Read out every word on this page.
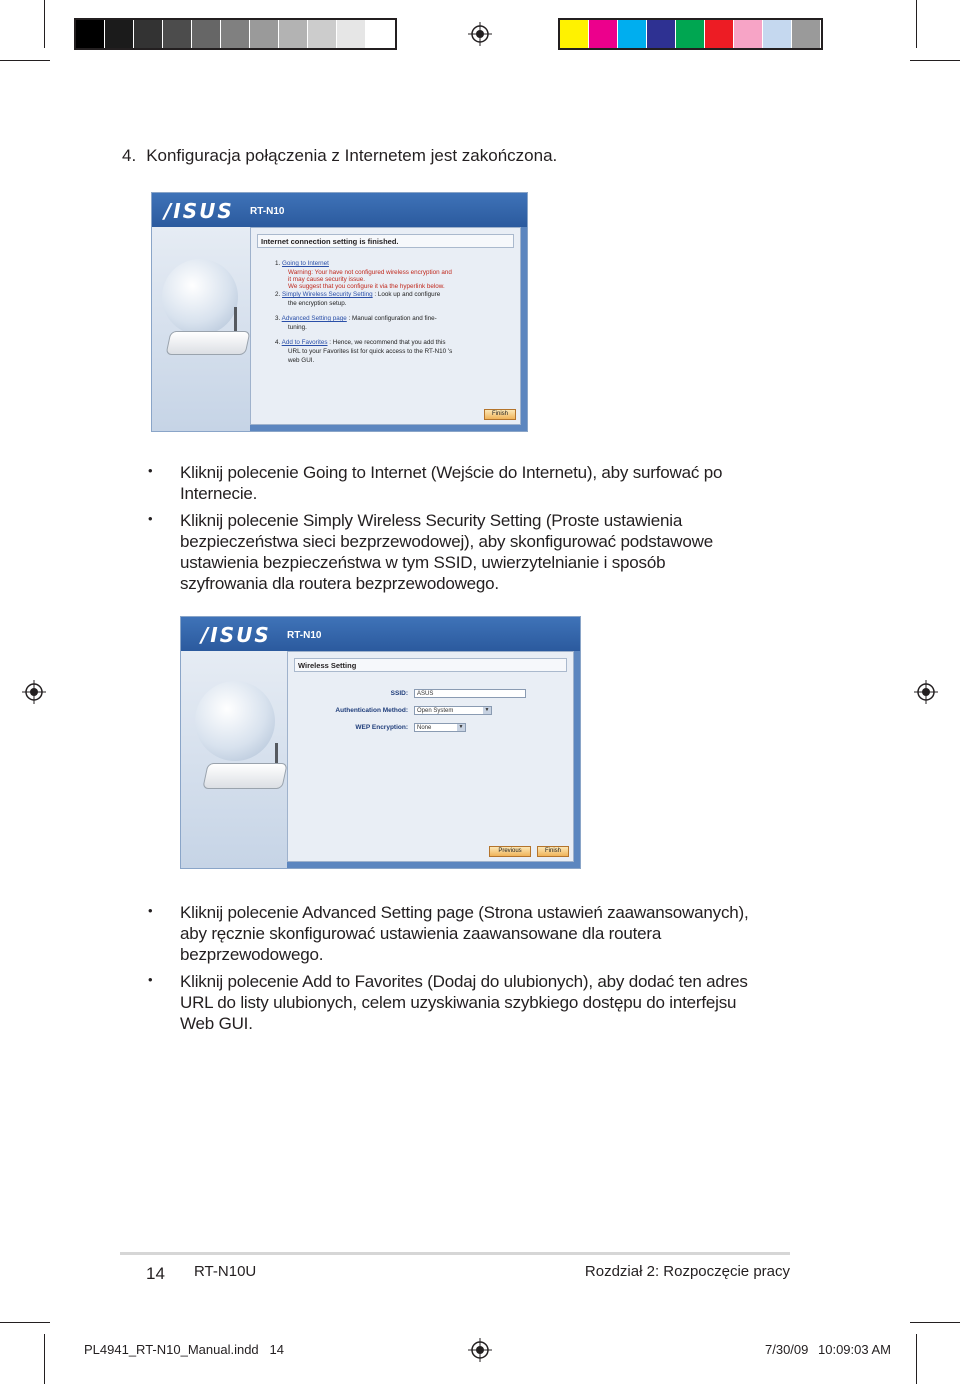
4. Konfiguracja połączenia z Internetem jest zakończona.
/ISUS RT-N10
Internet connection setting is finished.
1. Going to Internet
Warning: Your have not configured wireless encryption and
it may cause security issue.
We suggest that you configure it via the hyperlink below.
2. Simply Wireless Security Setting : Look up and configure
the encryption setup.
3. Advanced Setting page : Manual configuration and fine-
tuning.
4. Add to Favorites : Hence, we recommend that you add this
URL to your Favorites list for quick access to the RT-N10 's
web GUI.
Finish
• Kliknij polecenie Going to Internet (Wejście do Internetu), aby surfować po Internecie.
• Kliknij polecenie Simply Wireless Security Setting (Proste ustawienia bezpieczeństwa sieci bezprzewodowej), aby skonfigurować podstawowe ustawienia bezpieczeństwa w tym SSID, uwierzytelnianie i sposób szyfrowania dla routera bezprzewodowego.
/ISUS RT-N10
Wireless Setting
SSID:	ASUS
Authentication Method:	Open System	▼
WEP Encryption:	None	▼
Previous	Finish
• Kliknij polecenie Advanced Setting page (Strona ustawień zaawansowanych), aby ręcznie skonfigurować ustawienia zaawansowane dla routera bezprzewodowego.
• Kliknij polecenie Add to Favorites (Dodaj do ulubionych), aby dodać ten adres URL do listy ulubionych, celem uzyskiwania szybkiego dostępu do interfejsu Web GUI.
14 RT-N10U	Rozdział 2: Rozpoczęcie pracy
PL4941_RT-N10_Manual.indd   14	7/30/09 10:09:03 AM
